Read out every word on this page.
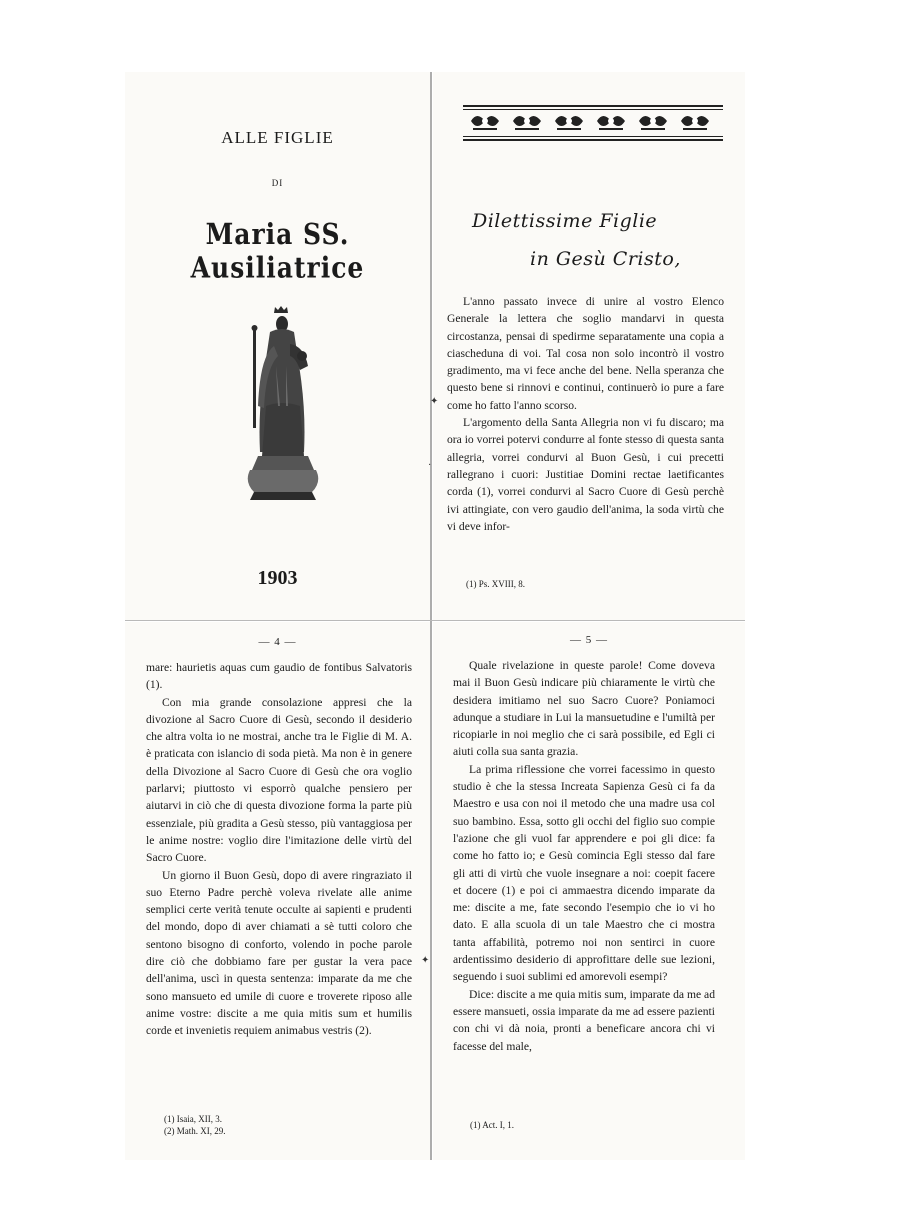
ALLE FIGLIE
DI
Maria SS. Ausiliatrice
1903
Dilettissime Figlie
in Gesù Cristo,

L'anno passato invece di unire al vostro Elenco Generale la lettera che soglio mandarvi in questa circostanza, pensai di spedirme separatamente una copia a ciascheduna di voi. Tal cosa non solo incontrò il vostro gradimento, ma vi fece anche del bene. Nella speranza che questo bene si rinnovi e continui, continuerò io pure a fare come ho fatto l'anno scorso.

L'argomento della Santa Allegria non vi fu discaro; ma ora io vorrei potervi condurre al fonte stesso di questa santa allegria, vorrei condurvi al Buon Gesù, i cui precetti rallegrano i cuori: Justitiae Domini rectae laetificantes corda (1), vorrei condurvi al Sacro Cuore di Gesù perchè ivi attingiate, con vero gaudio dell'anima, la soda virtù che vi deve infor-

(1) Ps. XVIII, 8.
✦
·
— 4 —

mare: haurietis aquas cum gaudio de fontibus Salvatoris (1).

Con mia grande consolazione appresi che la divozione al Sacro Cuore di Gesù, secondo il desiderio che altra volta io ne mostrai, anche tra le Figlie di M. A. è praticata con islancio di soda pietà. Ma non è in genere della Divozione al Sacro Cuore di Gesù che ora voglio parlarvi; piuttosto vi esporrò qualche pensiero per aiutarvi in ciò che di questa divozione forma la parte più essenziale, più gradita a Gesù stesso, più vantaggiosa per le anime nostre: voglio dire l'imitazione delle virtù del Sacro Cuore.

Un giorno il Buon Gesù, dopo di avere ringraziato il suo Eterno Padre perchè voleva rivelate alle anime semplici certe verità tenute occulte ai sapienti e prudenti del mondo, dopo di aver chiamati a sè tutti coloro che sentono bisogno di conforto, volendo in poche parole dire ciò che dobbiamo fare per gustar la vera pace dell'anima, uscì in questa sentenza: imparate da me che sono mansueto ed umile di cuore e troverete riposo alle anime vostre: discite a me quia mitis sum et humilis corde et invenietis requiem animabus vestris (2).

(1) Isaia, XII, 3.
(2) Math. XI, 29.
— 5 —

Quale rivelazione in queste parole! Come doveva mai il Buon Gesù indicare più chiaramente le virtù che desidera imitiamo nel suo Sacro Cuore? Poniamoci adunque a studiare in Lui la mansuetudine e l'umiltà per ricopiarle in noi meglio che ci sarà possibile, ed Egli ci aiuti colla sua santa grazia.

La prima riflessione che vorrei facessimo in questo studio è che la stessa Increata Sapienza Gesù ci fa da Maestro e usa con noi il metodo che una madre usa col suo bambino. Essa, sotto gli occhi del figlio suo compie l'azione che gli vuol far apprendere e poi gli dice: fa come ho fatto io; e Gesù comincia Egli stesso dal fare gli atti di virtù che vuole insegnare a noi: coepit facere et docere (1) e poi ci ammaestra dicendo imparate da me: discite a me, fate secondo l'esempio che io vi ho dato. E alla scuola di un tale Maestro che ci mostra tanta affabilità, potremo noi non sentirci in cuore ardentissimo desiderio di approfittare delle sue lezioni, seguendo i suoi sublimi ed amorevoli esempi?

Dice: discite a me quia mitis sum, imparate da me ad essere mansueti, ossia imparate da me ad essere pazienti con chi vi dà noia, pronti a beneficare ancora chi vi facesse del male,

(1) Act. I, 1.
✦
